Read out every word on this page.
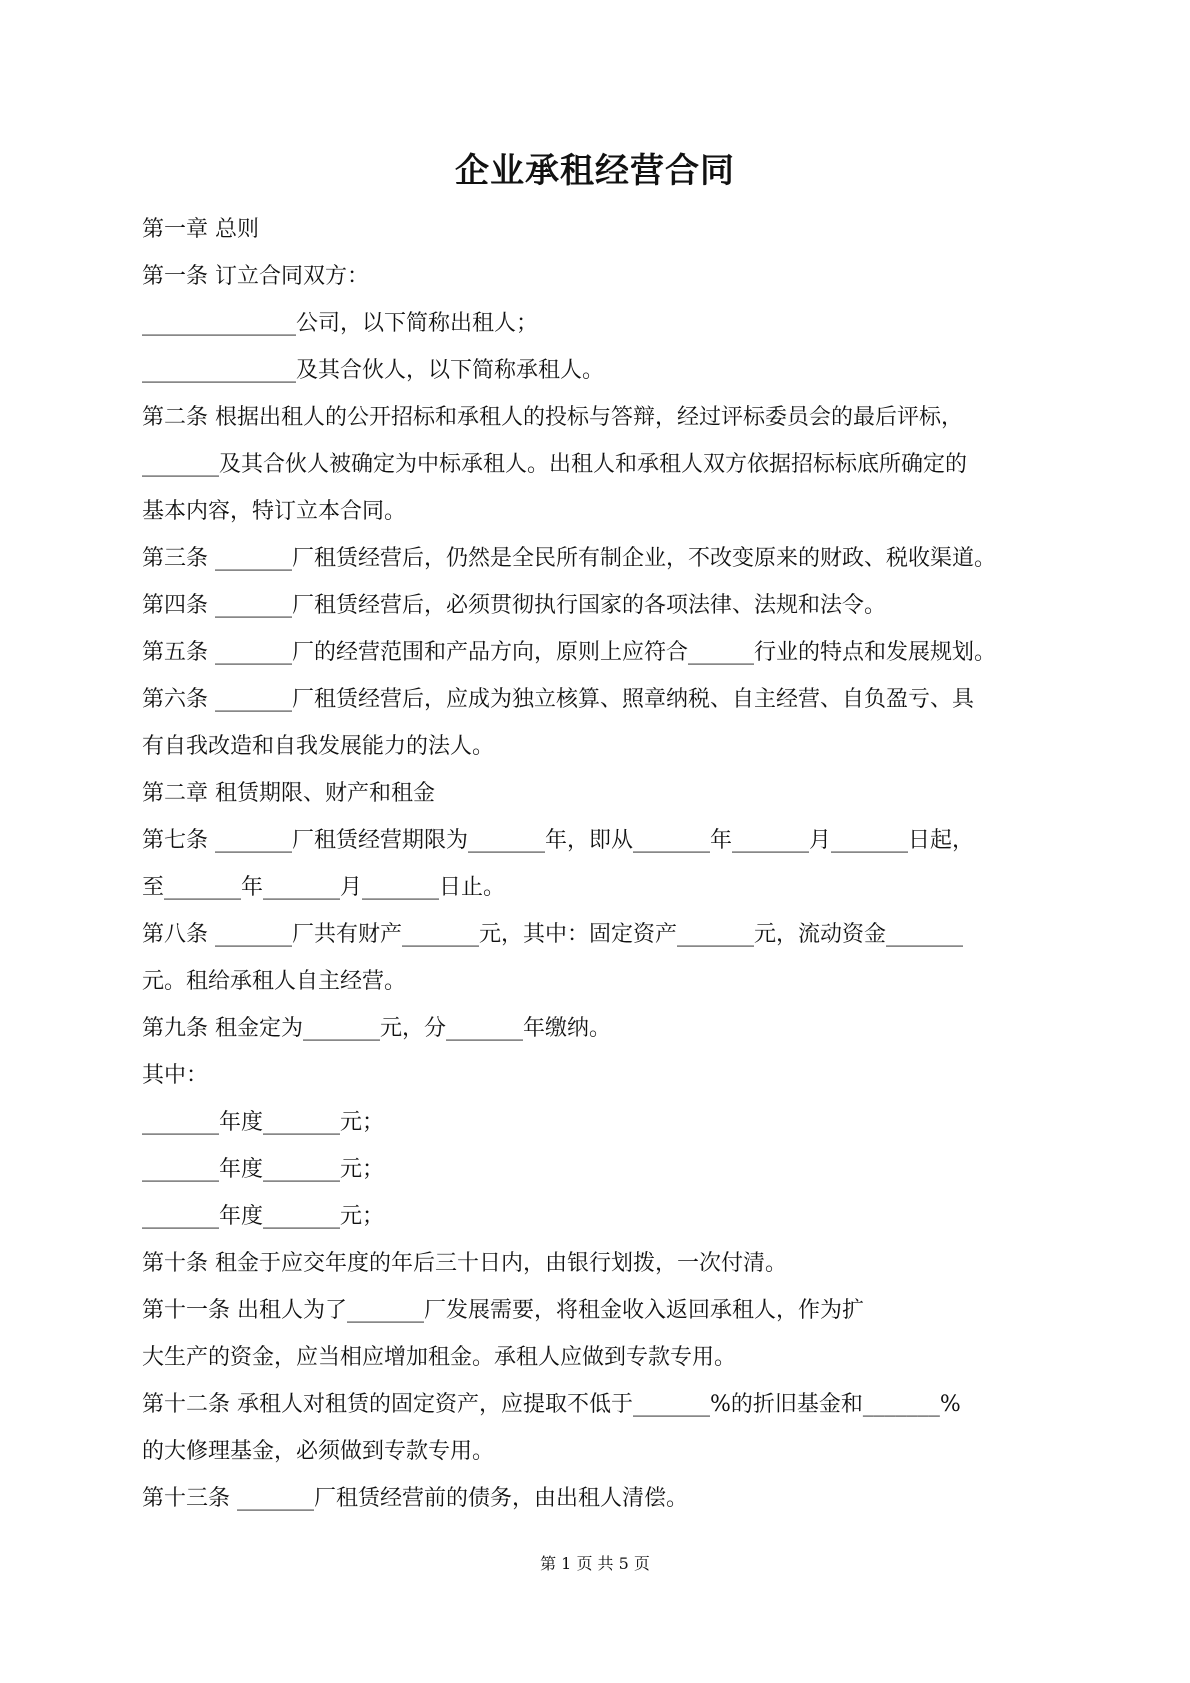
企业承租经营合同

第一章 总则

第一条 订立合同双方：

______________公司，以下简称出租人；

______________及其合伙人，以下简称承租人。

第二条 根据出租人的公开招标和承租人的投标与答辩，经过评标委员会的最后评标，

_______及其合伙人被确定为中标承租人。出租人和承租人双方依据招标标底所确定的

基本内容，特订立本合同。

第三条 _______厂租赁经营后，仍然是全民所有制企业，不改变原来的财政、税收渠道。

第四条 _______厂租赁经营后，必须贯彻执行国家的各项法律、法规和法令。

第五条 _______厂的经营范围和产品方向，原则上应符合______行业的特点和发展规划。

第六条 _______厂租赁经营后，应成为独立核算、照章纳税、自主经营、自负盈亏、具

有自我改造和自我发展能力的法人。

第二章 租赁期限、财产和租金

第七条 _______厂租赁经营期限为_______年，即从_______年_______月_______日起，

至_______年_______月_______日止。

第八条 _______厂共有财产_______元，其中：固定资产_______元，流动资金_______

元。租给承租人自主经营。

第九条 租金定为_______元，分_______年缴纳。

其中：

_______年度_______元；

_______年度_______元；

_______年度_______元；

第十条 租金于应交年度的年后三十日内，由银行划拨，一次付清。

第十一条 出租人为了_______厂发展需要，将租金收入返回承租人，作为扩

大生产的资金，应当相应增加租金。承租人应做到专款专用。

第十二条 承租人对租赁的固定资产，应提取不低于_______%的折旧基金和_______%

的大修理基金，必须做到专款专用。

第十三条 _______厂租赁经营前的债务，由出租人清偿。

第 1 页 共 5 页
